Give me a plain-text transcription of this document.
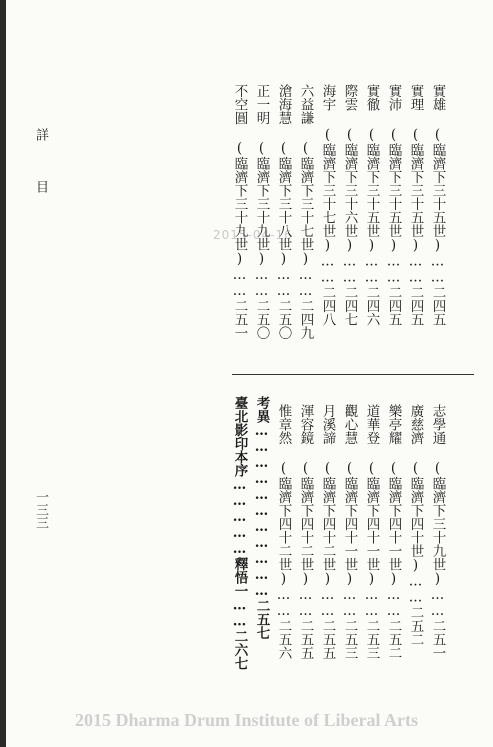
詳
目
一三三
2015-04-16	實雄 (臨濟下三十五世)……二四五
實理 (臨濟下三十五世)……二四五
實沛 (臨濟下三十五世)……二四五
實徹 (臨濟下三十五世)……二四六
際雲 (臨濟下三十六世)……二四七
海宇 (臨濟下三十七世)……二四八
六益謙 (臨濟下三十七世)……二四九
滄海慧 (臨濟下三十八世)……二五〇
正一明 (臨濟下三十九世)……二五〇
不空圓 (臨濟下三十九世)……二五一
志學通 (臨濟下三十九世)……二五一
廣慈濟 (臨濟下四十世)……二五二
樂亭耀 (臨濟下四十一世)……二五二
道華登 (臨濟下四十一世)……二五三
觀心慧 (臨濟下四十一世)……二五三
月溪諦 (臨濟下四十二世)……二五五
渾容鏡 (臨濟下四十二世)……二五五
惟章然 (臨濟下四十二世)……二五六
考異……………………………二五七
臺北影印本序……………釋悟一……二六七
2015 Dharma Drum Institute of Liberal Arts
